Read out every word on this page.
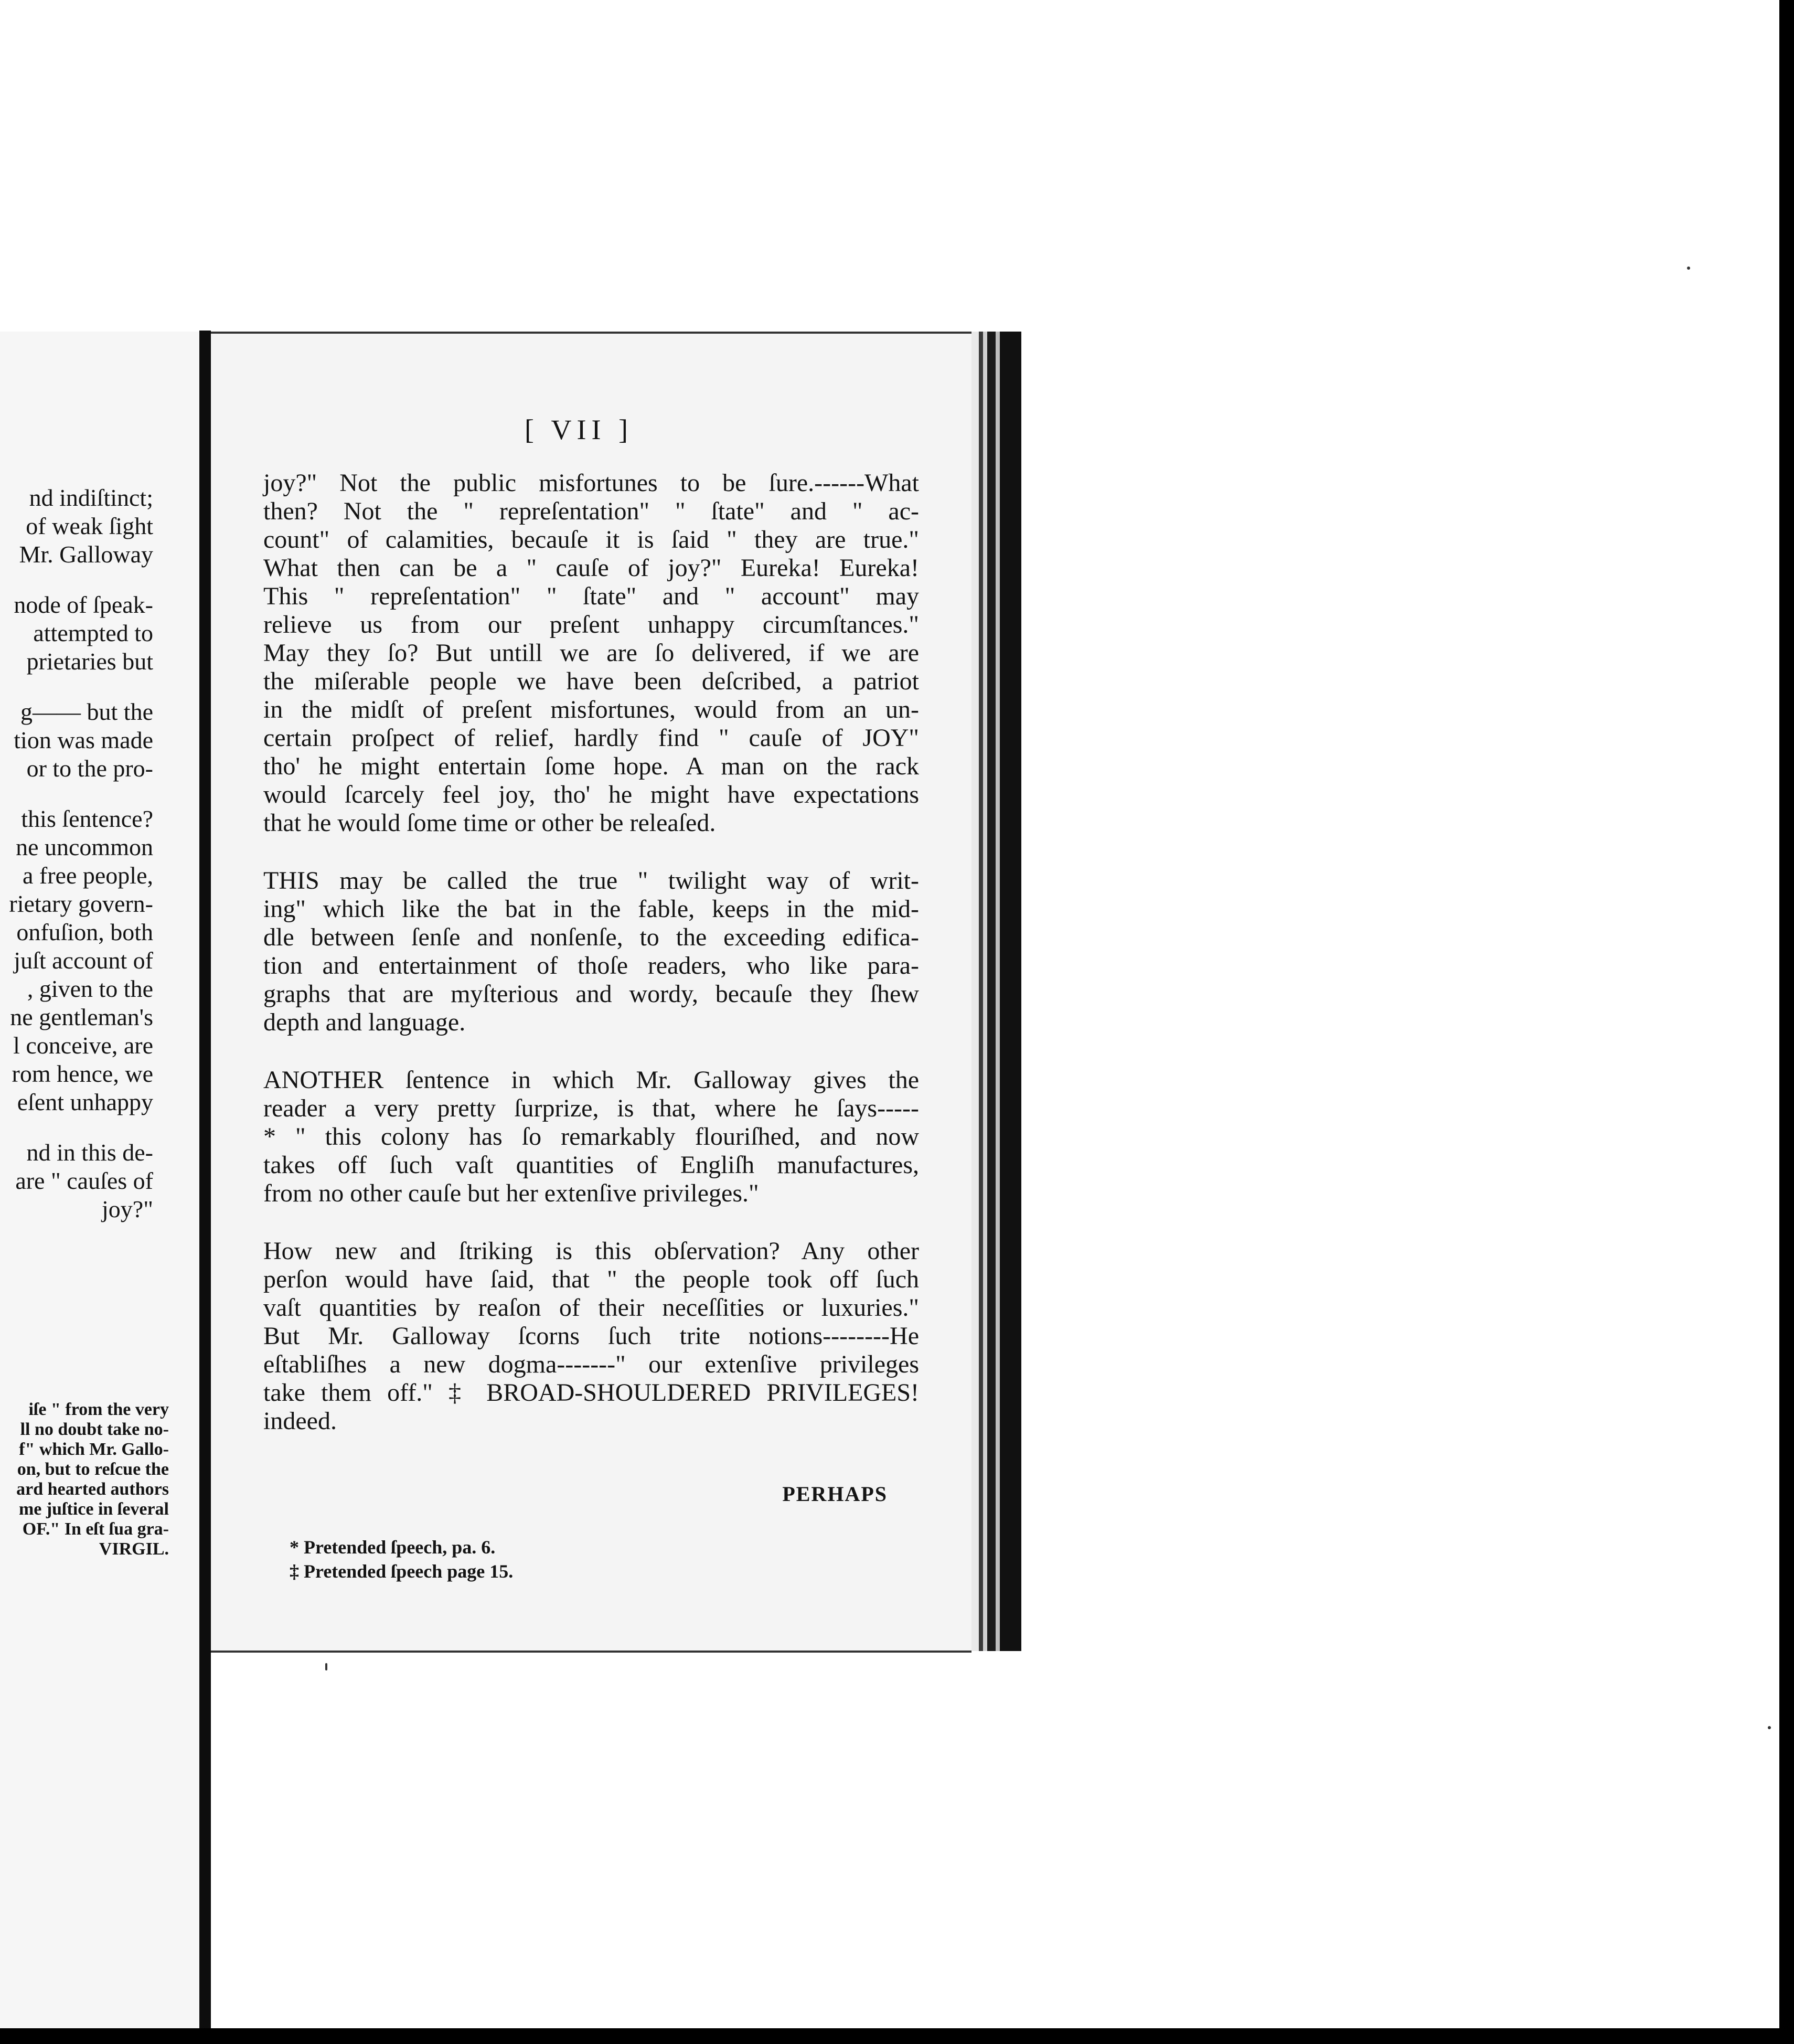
nd indiſtinct;
of weak ſight
Mr. Galloway
node of ſpeak-
attempted to
prietaries but
g—— but the
tion was made
or to the pro-
this ſentence?
ne uncommon
a free people,
rietary govern-
onfuſion, both
juſt account of
, given to the
ne gentleman's
l conceive, are
rom hence, we
eſent unhappy
nd in this de-
are " cauſes of
joy?"
iſe " from the very
ll no doubt take no-
f" which Mr. Gallo-
on, but to reſcue the
ard hearted authors
me juſtice in ſeveral
OF." In eſt ſua gra-
VIRGIL.
[ VII ]
joy?" Not the public misfortunes to be ſure.------What
then? Not the " repreſentation" " ſtate" and " ac-
count" of calamities, becauſe it is ſaid " they are true."
What then can be a " cauſe of joy?" Eureka! Eureka!
This " repreſentation" " ſtate" and " account" may
relieve us from our preſent unhappy circumſtances."
May they ſo? But untill we are ſo delivered, if we are
the miſerable people we have been deſcribed, a patriot
in the midſt of preſent misfortunes, would from an un-
certain proſpect of relief, hardly find " cauſe of JOY"
tho' he might entertain ſome hope. A man on the rack
would ſcarcely feel joy, tho' he might have expectations
that he would ſome time or other be releaſed.
THIS may be called the true " twilight way of writ-
ing" which like the bat in the fable, keeps in the mid-
dle between ſenſe and nonſenſe, to the exceeding edifica-
tion and entertainment of thoſe readers, who like para-
graphs that are myſterious and wordy, becauſe they ſhew
depth and language.
ANOTHER ſentence in which Mr. Galloway gives the
reader a very pretty ſurprize, is that, where he ſays-----
* " this colony has ſo remarkably flouriſhed, and now
takes off ſuch vaſt quantities of Engliſh manufactures,
from no other cauſe but her extenſive privileges."
How new and ſtriking is this obſervation? Any other
perſon would have ſaid, that " the people took off ſuch
vaſt quantities by reaſon of their neceſſities or luxuries."
But Mr. Galloway ſcorns ſuch trite notions--------He
eſtabliſhes a new dogma-------" our extenſive privileges
take them off." ‡ BROAD-SHOULDERED PRIVILEGES!
indeed.
PERHAPS
* Pretended ſpeech, pa. 6.
‡ Pretended ſpeech page 15.
